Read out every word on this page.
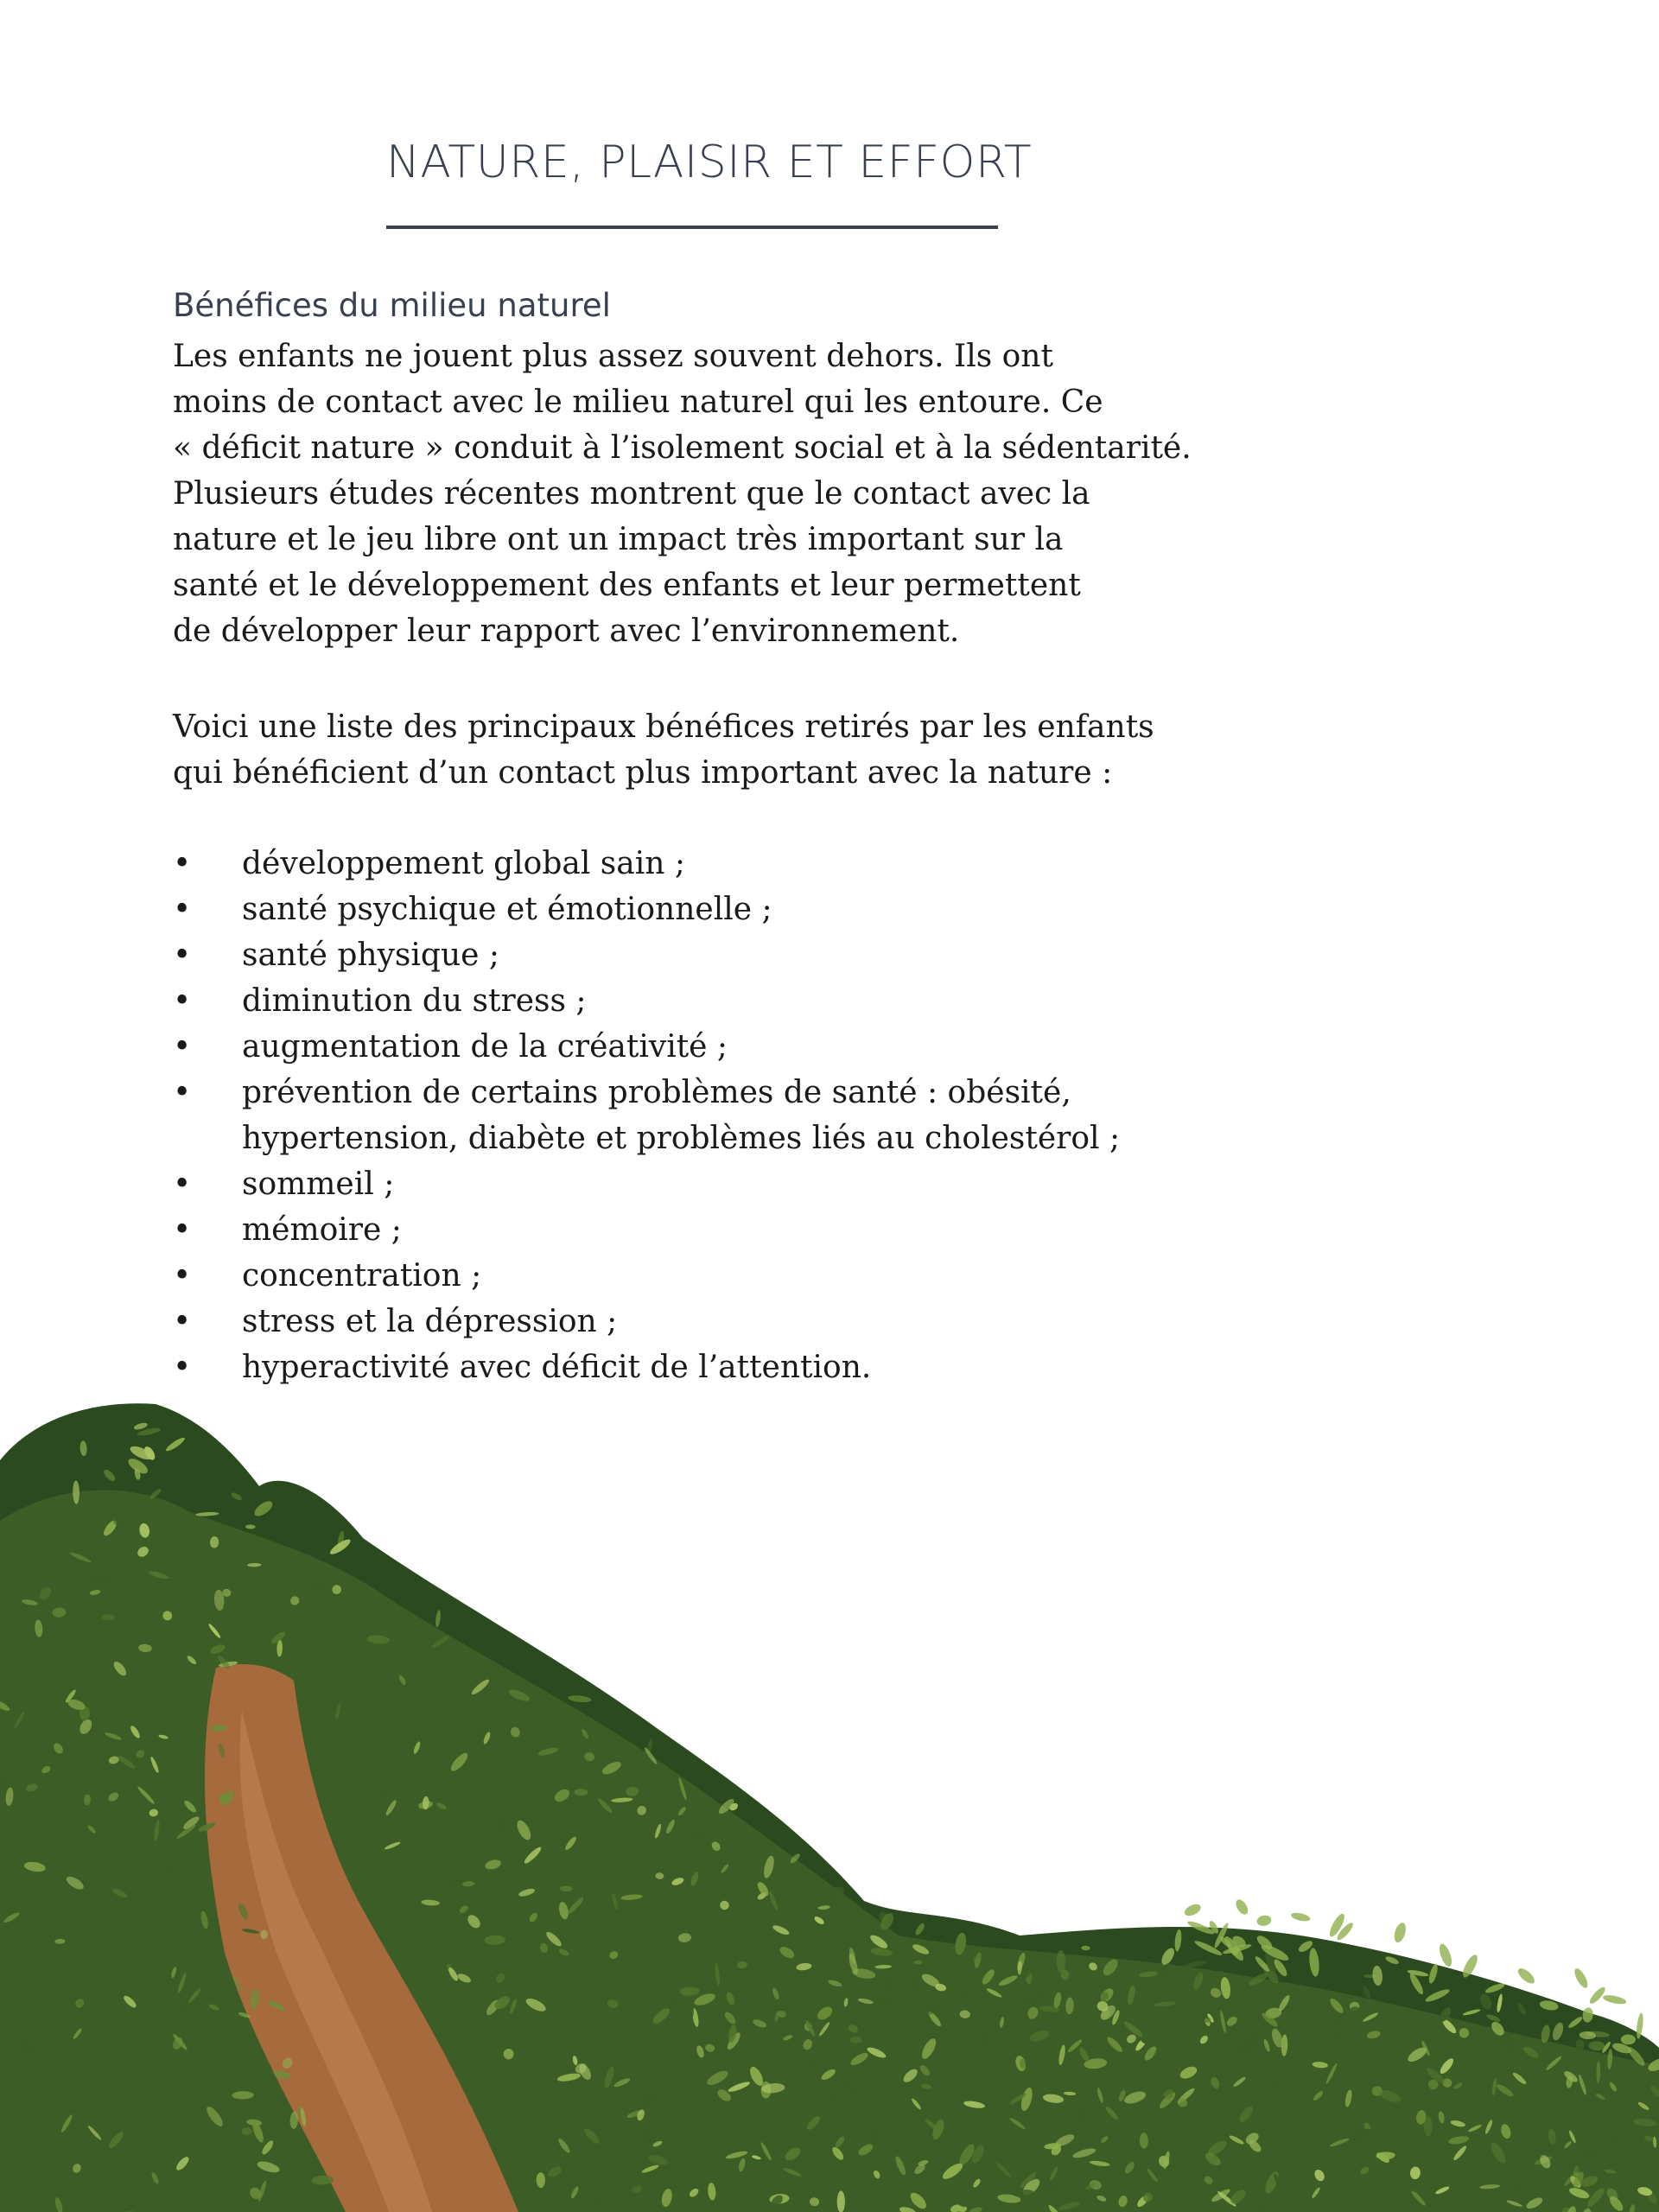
NATURE, PLAISIR ET EFFORT
Bénéfices du milieu naturel

Les enfants ne jouent plus assez souvent dehors. Ils ont
moins de contact avec le milieu naturel qui les entoure. Ce
« déficit nature » conduit à l’isolement social et à la sédentarité.
Plusieurs études récentes montrent que le contact avec la
nature et le jeu libre ont un impact très important sur la
santé et le développement des enfants et leur permettent
de développer leur rapport avec l’environnement.

Voici une liste des principaux bénéfices retirés par les enfants
qui bénéficient d’un contact plus important avec la nature :

•	développement global sain ;
•	santé psychique et émotionnelle ;
•	santé physique ;
•	diminution du stress ;
•	augmentation de la créativité ;
•	prévention de certains problèmes de santé : obésité,
hypertension, diabète et problèmes liés au cholestérol ;
•	sommeil ;
•	mémoire ;
•	concentration ;
•	stress et la dépression ;
•	hyperactivité avec déficit de l’attention.
